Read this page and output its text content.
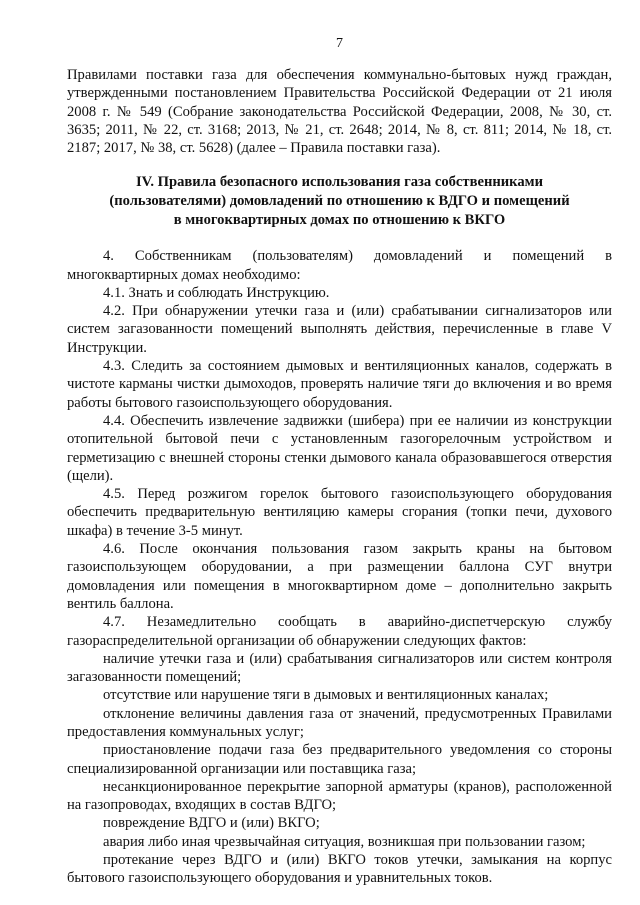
7

Правилами поставки газа для обеспечения коммунально-бытовых нужд граждан, утвержденными постановлением Правительства Российской Федерации от 21 июля 2008 г. № 549 (Собрание законодательства Российской Федерации, 2008, № 30, ст. 3635; 2011, № 22, ст. 3168; 2013, № 21, ст. 2648; 2014, № 8, ст. 811; 2014, № 18, ст. 2187; 2017, № 38, ст. 5628) (далее – Правила поставки газа).

IV. Правила безопасного использования газа собственниками
(пользователями) домовладений по отношению к ВДГО и помещений
в многоквартирных домах по отношению к ВКГО

4. Собственникам (пользователям) домовладений и помещений в многоквартирных домах необходимо:

4.1. Знать и соблюдать Инструкцию.

4.2. При обнаружении утечки газа и (или) срабатывании сигнализаторов или систем загазованности помещений выполнять действия, перечисленные в главе V Инструкции.

4.3. Следить за состоянием дымовых и вентиляционных каналов, содержать в чистоте карманы чистки дымоходов, проверять наличие тяги до включения и во время работы бытового газоиспользующего оборудования.

4.4. Обеспечить извлечение задвижки (шибера) при ее наличии из конструкции отопительной бытовой печи с установленным газогорелочным устройством и герметизацию с внешней стороны стенки дымового канала образовавшегося отверстия (щели).

4.5. Перед розжигом горелок бытового газоиспользующего оборудования обеспечить предварительную вентиляцию камеры сгорания (топки печи, духового шкафа) в течение 3-5 минут.

4.6. После окончания пользования газом закрыть краны на бытовом газоиспользующем оборудовании, а при размещении баллона СУГ внутри домовладения или помещения в многоквартирном доме – дополнительно закрыть вентиль баллона.

4.7. Незамедлительно сообщать в аварийно-диспетчерскую службу газораспределительной организации об обнаружении следующих фактов:

наличие утечки газа и (или) срабатывания сигнализаторов или систем контроля загазованности помещений;

отсутствие или нарушение тяги в дымовых и вентиляционных каналах;

отклонение величины давления газа от значений, предусмотренных Правилами предоставления коммунальных услуг;

приостановление подачи газа без предварительного уведомления со стороны специализированной организации или поставщика газа;

несанкционированное перекрытие запорной арматуры (кранов), расположенной на газопроводах, входящих в состав ВДГО;

повреждение ВДГО и (или) ВКГО;

авария либо иная чрезвычайная ситуация, возникшая при пользовании газом;

протекание через ВДГО и (или) ВКГО токов утечки, замыкания на корпус бытового газоиспользующего оборудования и уравнительных токов.
